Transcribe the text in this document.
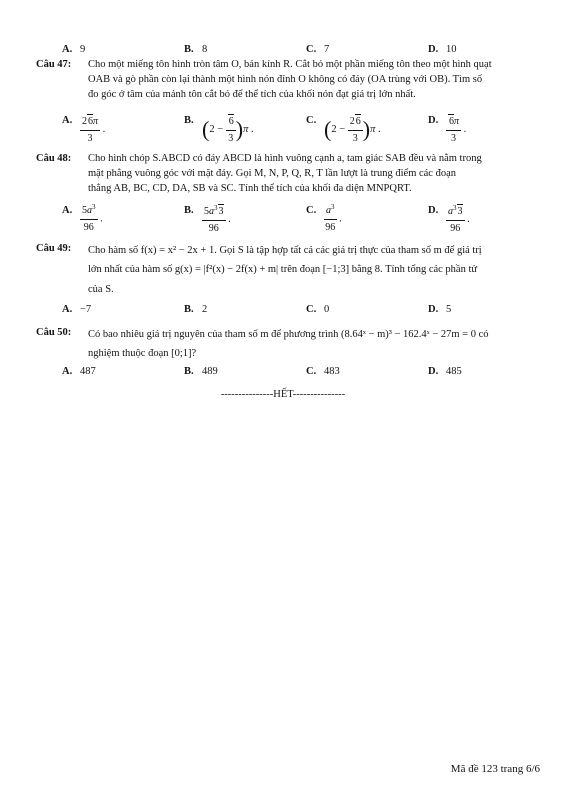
A. 9	B. 8	C. 7	D. 10
Câu 47: Cho một miếng tôn hình tròn tâm O, bán kính R. Cắt bỏ một phần miếng tôn theo một hình quạt

OAB và gò phần còn lại thành một hình nón đỉnh O không có đáy (OA trùng với OB). Tìm số

đo góc ở tâm của mảnh tôn cắt bỏ để thể tích của khối nón đạt giá trị lớn nhất.

A. $\frac{26\pi}{3}$ .
B. $(2 - \frac{6}{3} )\pi$ .
C. $(2 - \frac{26}{3} )\pi$ .
D. $\frac{6\pi}{3}$ .
Câu 48: Cho hình chóp S.ABCD có đáy ABCD là hình vuông cạnh a, tam giác SAB đều và nằm trong

mặt phẳng vuông góc với mặt đáy. Gọi M, N, P, Q, R, T lần lượt là trung điểm các đoạn

thẳng AB, BC, CD, DA, SB và SC. Tính thể tích của khối đa diện MNPQRT.

A. $\frac{5a^3}{96}$ .
B. $\frac{5a^33}{96}$ .
C. $\frac{a^3}{96}$ .
D. $\frac{a^33}{96}$ .
Câu 49: Cho hàm số f(x) = x² − 2x + 1. Gọi S là tập hợp tất cả các giá trị thực của tham số m để giá trị

lớn nhất của hàm số g(x) = |f²(x) − 2f(x) + m| trên đoạn [−1;3] bằng 8. Tính tổng các phần tử

của S.

A. −7	B. 2	C. 0	D. 5
Câu 50: Có bao nhiêu giá trị nguyên của tham số m để phương trình (8.64ˣ − m)³ − 162.4ˣ − 27m = 0 có

nghiệm thuộc đoạn [0;1]?

A. 487	B. 489	C. 483	D. 485
---------------HẾT---------------
Mã đề 123 trang 6/6
